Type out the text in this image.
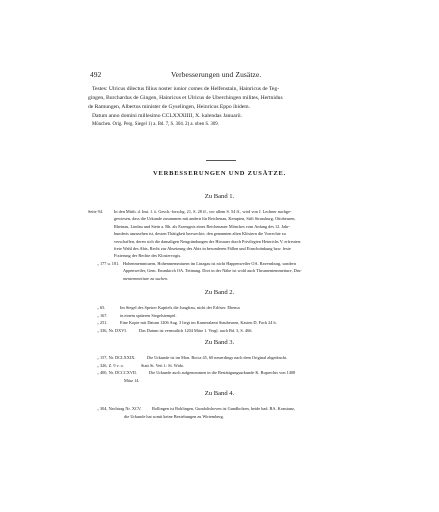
492	Verbesserungen und Zusätze.
Testes: Ulricus dilectus filius noster iunior comes de Helfenstain, Hainricus de Teg-
gingen, Burchardus de Gingen, Hainricus et Ulricus de Uberchingen milites, Hertnidus
de Ramungen, Albertus minister de Gyselingen, Heinricus Eppo ibidem.
Datum anno domini millesimo CCLXXXIIII, X. kalendas Januarii.
München. Orig. Perg. Siegel 1) a. Bd. 7, S. 304. 2) a. oben S. 309.
VERBESSERUNGEN UND ZUSÄTZE.
Zu Band 1.
Seite 94.	In den Mitth. d. Inst. f. ö. Gesch.-forschg. 21, S. 28 ff., vor allem S. 54 ff., wird von J. Lechner nachge-
gewiesen, dass die Urkunde zusammen mit andern für Reichenau, Kempten, Stift Strassburg, Ottobeuren,
Rheinau, Lindau und Stein a. Rh. als Erzeugnis eines Reichenauer Mönches vom Anfang des 12. Jahr-
hunderts anzusehen ist, dessen Thätigkeit bezweckte, den genannten alten Klöstern die Vorrechte zu
verschaffen, deren sich die damaligen Neugründungen der Hirsauer durch Privilegien Heinrichs V. erfreuten:
freie Wahl des Abts, Recht zur Absetzung des Abts in besonderen Fällen und Einschränkung bzw. feste
Fixierung der Rechte des Klostervogts.
„ 177 u. 181. Hohenmemmiuern, Hohenmemmiuern im Linzgau ist nicht Happenweiler OA. Ravensburg, sondern
Appenweiler, Gem. Emmkirch OA. Tettnang. Dort in der Nähe ist wohl auch Thrumentemmetiure, Dru-
mentemmetiure zu suchen.
Zu Band 2.
„ 65.	Im Siegel des Speirer Kapitels die Jungfrau, nicht der Erlöser. Ebenso
„ 167.	in einem späteren Siegelstempel.
„ 251.	Eine Kopie mit Datum 1206 Aug. 3 liegt im Kameralamt Staubeuren, Kasten D, Fach 24 b.
„ 336, Nr. DXVI.	Das Datum ist vermutlich 1204 März 1. Vergl. auch Bd. 3, S. 466.
Zu Band 3.
„ 157, Nr. DCLXXIX.	Die Urkunde ist im Mon. Boica 45, 60 neuerdings nach dem Original abgedruckt.
„ 326, Z. 9 v. o.	Statt St. Veit l.: St. Wido.
„ 400, Nr. DCCCXVII.	Die Urkunde auch aufgenommen in die Bestätigungsurkunde K. Ruprechts von 1408
März 14.
Zu Band 4.
„ 304, Nachtrag Nr. XCV. Bollingen ist Bohlingen, Gundoltshoven ist Gundholzen, beide bad. BA. Konstanz,
die Urkunde hat somit keine Beziehungen zu Wirtemberg.
